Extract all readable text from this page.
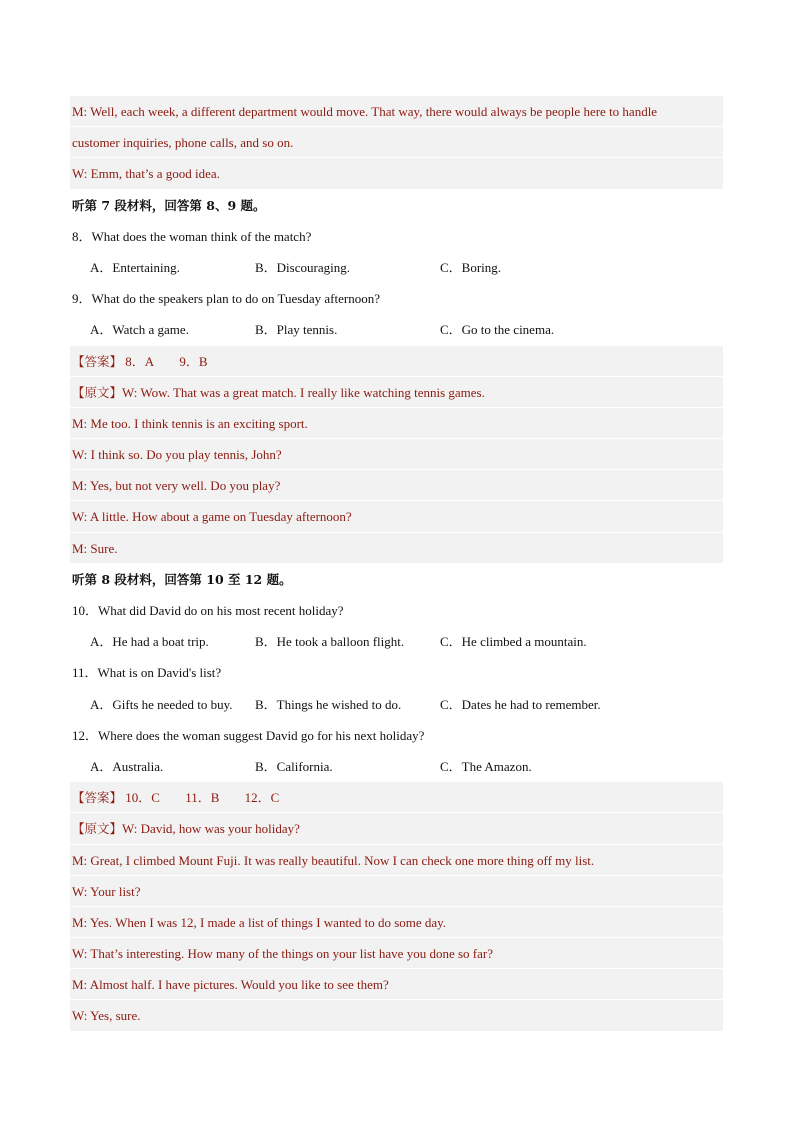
M: Well, each week, a different department would move. That way, there would always be people here to handle
customer inquiries, phone calls, and so on.
W: Emm, that’s a good idea.
听第 7 段材料，回答第 8、9 题。
8．What does the woman think of the match?
A．Entertaining.	B．Discouraging.	C．Boring.
9．What do the speakers plan to do on Tuesday afternoon?
A．Watch a game.	B．Play tennis.	C．Go to the cinema.
【答案】 8．A 9．B
【原文】W: Wow. That was a great match. I really like watching tennis games.
M: Me too. I think tennis is an exciting sport.
W: I think so. Do you play tennis, John?
M: Yes, but not very well. Do you play?
W: A little. How about a game on Tuesday afternoon?
M: Sure.
听第 8 段材料，回答第 10 至 12 题。
10．What did David do on his most recent holiday?
A．He had a boat trip.	B．He took a balloon flight.	C．He climbed a mountain.
11．What is on David's list?
A．Gifts he needed to buy.	B．Things he wished to do.	C．Dates he had to remember.
12．Where does the woman suggest David go for his next holiday?
A．Australia.	B．California.	C．The Amazon.
【答案】 10．C 11．B 12．C
【原文】W: David, how was your holiday?
M: Great, I climbed Mount Fuji. It was really beautiful. Now I can check one more thing off my list.
W: Your list?
M: Yes. When I was 12, I made a list of things I wanted to do some day.
W: That’s interesting. How many of the things on your list have you done so far?
M: Almost half. I have pictures. Would you like to see them?
W: Yes, sure.
